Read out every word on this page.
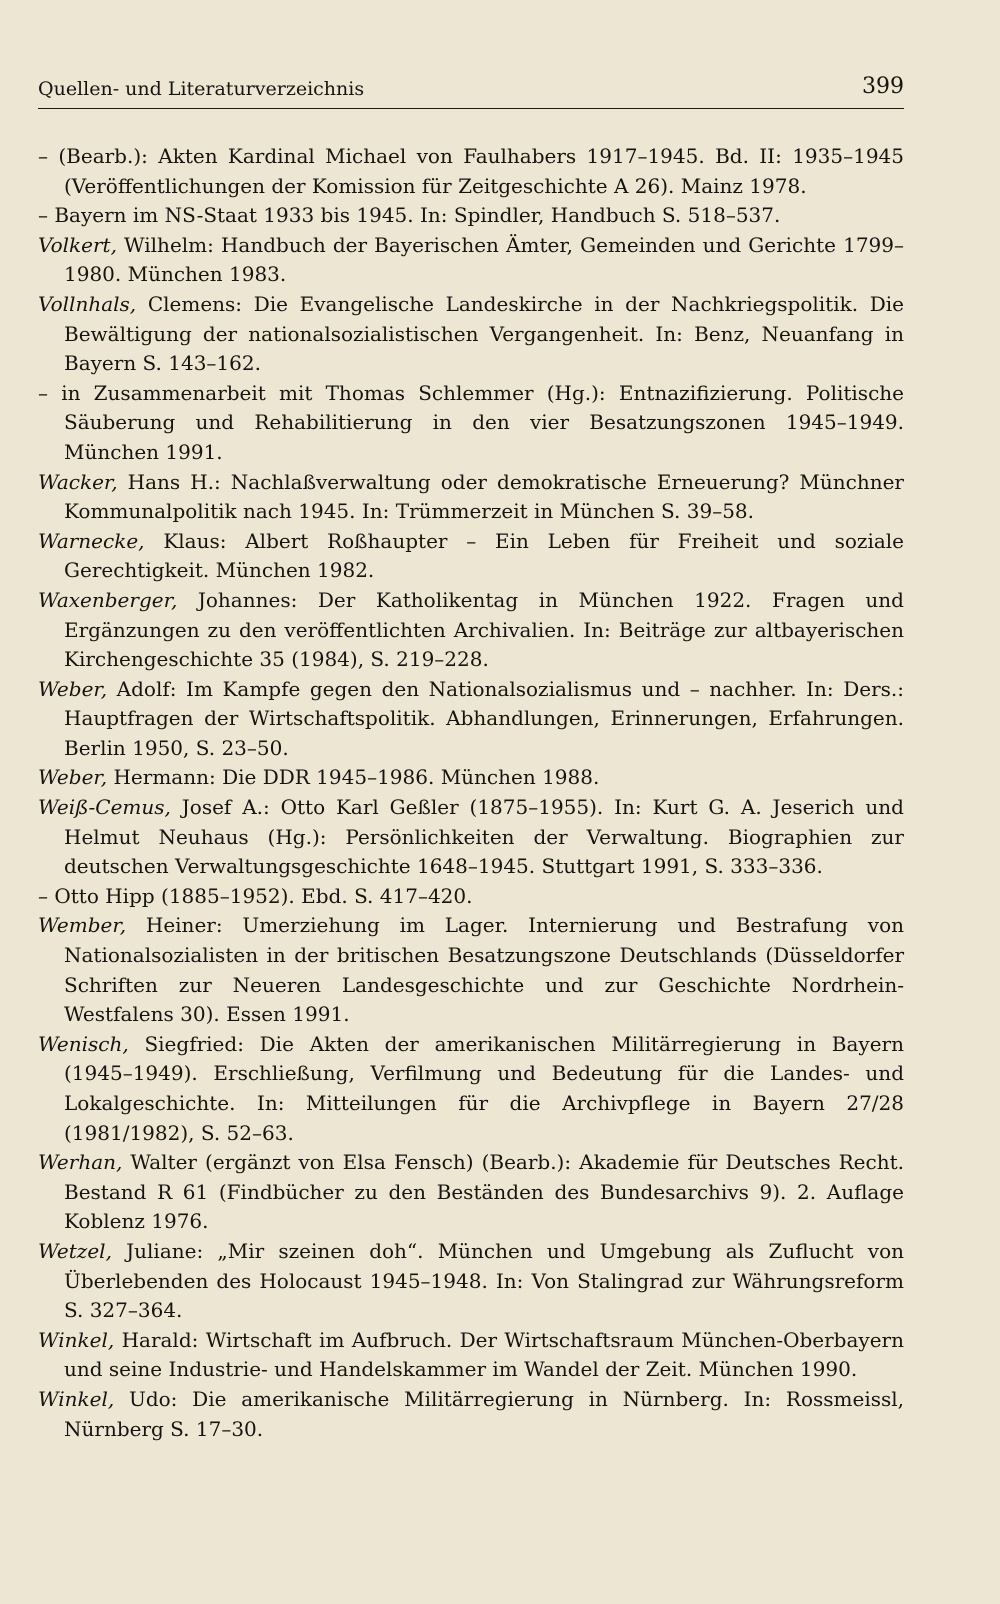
Quellen- und Literaturverzeichnis	399

– (Bearb.): Akten Kardinal Michael von Faulhabers 1917–1945. Bd. II: 1935–1945 (Veröffentlichungen der Komission für Zeitgeschichte A 26). Mainz 1978.

– Bayern im NS-Staat 1933 bis 1945. In: Spindler, Handbuch S. 518–537.

Volkert, Wilhelm: Handbuch der Bayerischen Ämter, Gemeinden und Gerichte 1799–1980. München 1983.

Vollnhals, Clemens: Die Evangelische Landeskirche in der Nachkriegspolitik. Die Bewältigung der nationalsozialistischen Vergangenheit. In: Benz, Neuanfang in Bayern S. 143–162.

– in Zusammenarbeit mit Thomas Schlemmer (Hg.): Entnazifizierung. Politische Säuberung und Rehabilitierung in den vier Besatzungszonen 1945–1949. München 1991.

Wacker, Hans H.: Nachlaßverwaltung oder demokratische Erneuerung? Münchner Kommunalpolitik nach 1945. In: Trümmerzeit in München S. 39–58.

Warnecke, Klaus: Albert Roßhaupter – Ein Leben für Freiheit und soziale Gerechtigkeit. München 1982.

Waxenberger, Johannes: Der Katholikentag in München 1922. Fragen und Ergänzungen zu den veröffentlichten Archivalien. In: Beiträge zur altbayerischen Kirchengeschichte 35 (1984), S. 219–228.

Weber, Adolf: Im Kampfe gegen den Nationalsozialismus und – nachher. In: Ders.: Hauptfragen der Wirtschaftspolitik. Abhandlungen, Erinnerungen, Erfahrungen. Berlin 1950, S. 23–50.

Weber, Hermann: Die DDR 1945–1986. München 1988.

Weiß-Cemus, Josef A.: Otto Karl Geßler (1875–1955). In: Kurt G. A. Jeserich und Helmut Neuhaus (Hg.): Persönlichkeiten der Verwaltung. Biographien zur deutschen Verwaltungsgeschichte 1648–1945. Stuttgart 1991, S. 333–336.

– Otto Hipp (1885–1952). Ebd. S. 417–420.

Wember, Heiner: Umerziehung im Lager. Internierung und Bestrafung von Nationalsozialisten in der britischen Besatzungszone Deutschlands (Düsseldorfer Schriften zur Neueren Landesgeschichte und zur Geschichte Nordrhein-Westfalens 30). Essen 1991.

Wenisch, Siegfried: Die Akten der amerikanischen Militärregierung in Bayern (1945–1949). Erschließung, Verfilmung und Bedeutung für die Landes- und Lokalgeschichte. In: Mitteilungen für die Archivpflege in Bayern 27/28 (1981/1982), S. 52–63.

Werhan, Walter (ergänzt von Elsa Fensch) (Bearb.): Akademie für Deutsches Recht. Bestand R 61 (Findbücher zu den Beständen des Bundesarchivs 9). 2. Auflage Koblenz 1976.

Wetzel, Juliane: „Mir szeinen doh“. München und Umgebung als Zuflucht von Überlebenden des Holocaust 1945–1948. In: Von Stalingrad zur Währungsreform S. 327–364.

Winkel, Harald: Wirtschaft im Aufbruch. Der Wirtschaftsraum München-Oberbayern und seine Industrie- und Handelskammer im Wandel der Zeit. München 1990.

Winkel, Udo: Die amerikanische Militärregierung in Nürnberg. In: Rossmeissl, Nürnberg S. 17–30.
